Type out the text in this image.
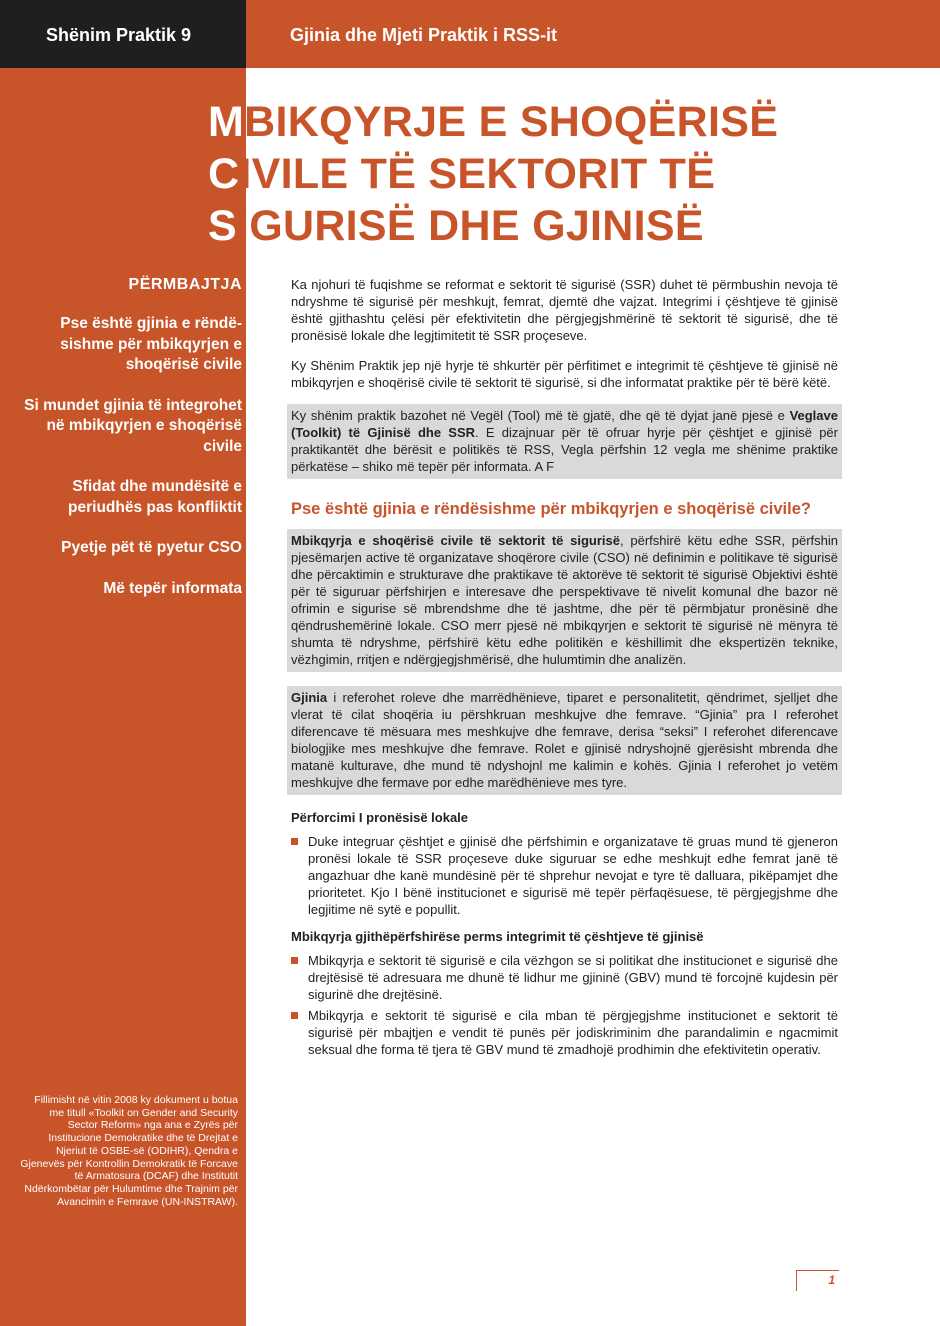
Shënim Praktik 9	Gjinia dhe Mjeti Praktik i RSS-it
MBIKQYRJE E SHOQËRISË
CIVILE TË SEKTORIT TË
SIGURISË DHE GJINISË
PËRMBAJTJA
Pse është gjinia e rëndë-sishme për mbikqyrjen e shoqërisë civile
Si mundet gjinia të integrohet në mbikqyrjen e shoqërisë civile
Sfidat dhe mundësitë e periudhës pas konfliktit
Pyetje pët të pyetur CSO
Më tepër informata
Fillimisht në vitin 2008 ky dokument u botua me titull «Toolkit on Gender and Security Sector Reform» nga ana e Zyrës për Institucione Demokratike dhe të Drejtat e Njeriut të OSBE-së (ODIHR), Qendra e Gjenevës për Kontrollin Demokratik të Forcave të Armatosura (DCAF) dhe Institutit Ndërkombëtar për Hulumtime dhe Trajnim për Avancimin e Femrave (UN-INSTRAW).

Ka njohuri të fuqishme se reformat e sektorit të sigurisë (SSR) duhet të përmbushin nevoja të ndryshme të sigurisë për meshkujt, femrat, djemtë dhe vajzat. Integrimi i çështjeve të gjinisë është gjithashtu çelësi për efektivitetin dhe përgjegjshmërinë të sektorit të sigurisë, dhe të pronësisë lokale dhe legjtimitetit të SSR proçeseve.

Ky Shënim Praktik jep një hyrje të shkurtër për përfitimet e integrimit të çështjeve të gjinisë në mbikqyrjen e shoqërisë civile të sektorit të sigurisë, si dhe informatat praktike për të bërë këtë.

Ky shënim praktik bazohet në Vegël (Tool) më të gjatë, dhe që të dyjat janë pjesë e Veglave (Toolkit) të Gjinisë dhe SSR. E dizajnuar për të ofruar hyrje për çështjet e gjinisë për praktikantët dhe bërësit e politikës të RSS, Vegla përfshin 12 vegla me shënime praktike përkatëse – shiko më tepër për informata. A F
Pse është gjinia e rëndësishme për mbikqyrjen e shoqërisë civile?
Mbikqyrja e shoqërisë civile të sektorit të sigurisë, përfshirë këtu edhe SSR, përfshin pjesëmarjen active të organizatave shoqërore civile (CSO) në definimin e politikave të sigurisë dhe përcaktimin e strukturave dhe praktikave të aktorëve të sektorit të sigurisë Objektivi është për të siguruar përfshirjen e interesave dhe perspektivave të nivelit komunal dhe bazor në ofrimin e sigurise së mbrendshme dhe të jashtme, dhe për të përmbjatur pronësinë dhe qëndrushemërinë lokale. CSO merr pjesë në mbikqyrjen e sektorit të sigurisë në mënyra të shumta të ndryshme, përfshirë këtu edhe politikën e këshillimit dhe ekspertizën teknike, vëzhgimin, rritjen e ndërgjegjshmërisë, dhe hulumtimin dhe analizën.
Gjinia i referohet roleve dhe marrëdhënieve, tiparet e personalitetit, qëndrimet, sjelljet dhe vlerat të cilat shoqëria iu përshkruan meshkujve dhe femrave. “Gjinia” pra I referohet diferencave të mësuara mes meshkujve dhe femrave, derisa “seksi” I referohet diferencave biologjike mes meshkujve dhe femrave. Rolet e gjinisë ndryshojnë gjerësisht mbrenda dhe matanë kulturave, dhe mund të ndyshojnl me kalimin e kohës. Gjinia I referohet jo vetëm meshkujve dhe fermave por edhe marëdhënieve mes tyre.
Përforcimi I pronësisë lokale
Duke integruar çështjet e gjinisë dhe përfshimin e organizatave të gruas mund të gjeneron pronësi lokale të SSR proçeseve duke siguruar se edhe meshkujt edhe femrat janë të angazhuar dhe kanë mundësinë për të shprehur nevojat e tyre të dalluara, pikëpamjet dhe prioritetet. Kjo I bënë institucionet e sigurisë më tepër përfaqësuese, të përgjegjshme dhe legjitime në sytë e popullit.
Mbikqyrja gjithëpërfshirëse perms integrimit të çështjeve të gjinisë
Mbikqyrja e sektorit të sigurisë e cila vëzhgon se si politikat dhe institucionet e sigurisë dhe drejtësisë të adresuara me dhunë të lidhur me gjininë (GBV) mund të forcojnë kujdesin për sigurinë dhe drejtësinë.
Mbikqyrja e sektorit të sigurisë e cila mban të përgjegjshme institucionet e sektorit të sigurisë për mbajtjen e vendit të punës për jodiskriminim dhe parandalimin e ngacmimit seksual dhe forma të tjera të GBV mund të zmadhojë prodhimin dhe efektivitetin operativ.
1
